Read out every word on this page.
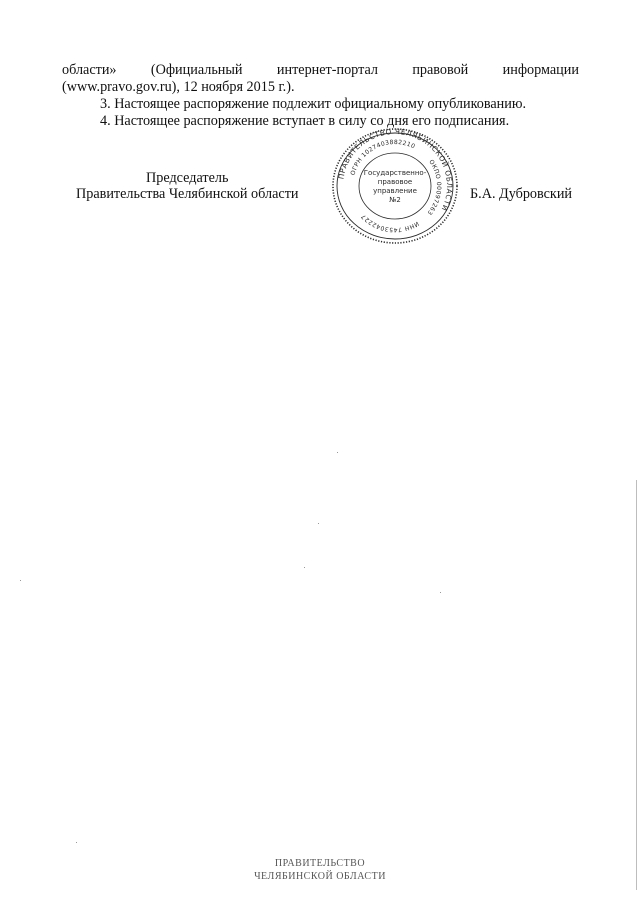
области» (Официальный интернет-портал правовой информации
(www.pravo.gov.ru), 12 ноября 2015 г.).
3. Настоящее распоряжение подлежит официальному опубликованию.
4. Настоящее распоряжение вступает в силу со дня его подписания.
Председатель
Правительства Челябинской области	Б.А. Дубровский
ПРАВИТЕЛЬСТВО ЧЕЛЯБИНСКОЙ ОБЛАСТИ
ОГРН 1027403882210
ОКПО 00097263
ИНН 7453042227
Государственно-
правовое
управление
№2
ПРАВИТЕЛЬСТВО
ЧЕЛЯБИНСКОЙ ОБЛАСТИ
